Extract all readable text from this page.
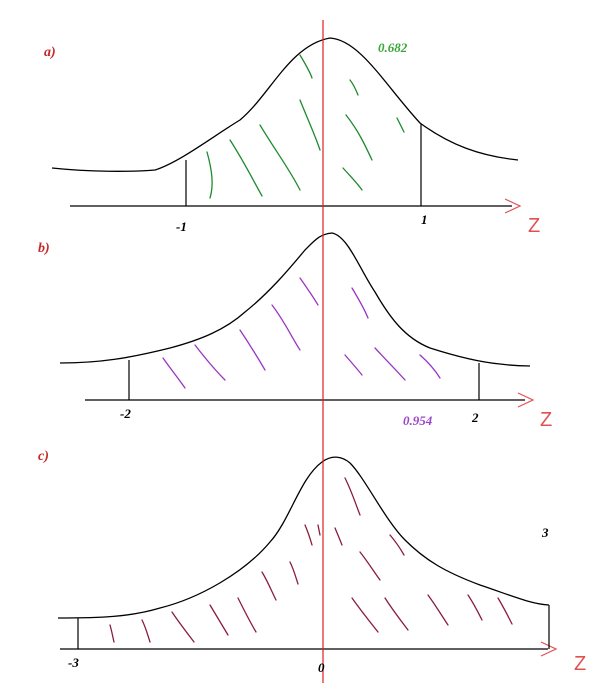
a)
Z
0.682
-1	1
b)
Z
0.954
-2	2
c)
Z
-3
3
0
